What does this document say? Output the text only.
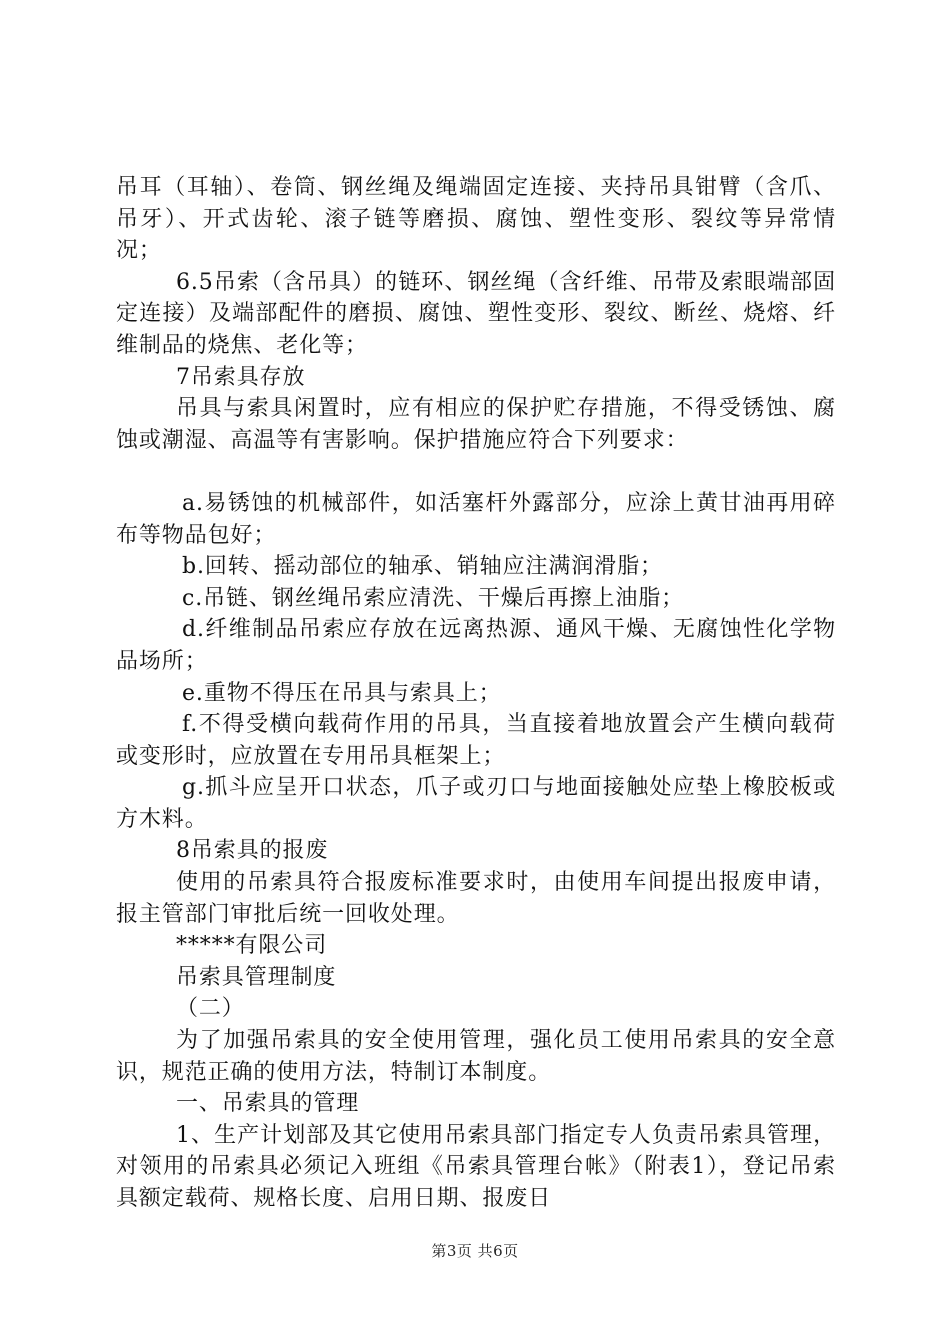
吊耳（耳轴）、卷筒、钢丝绳及绳端固定连接、夹持吊具钳臂（含爪、吊牙）、开式齿轮、滚子链等磨损、腐蚀、塑性变形、裂纹等异常情况；

6.5吊索（含吊具）的链环、钢丝绳（含纤维、吊带及索眼端部固定连接）及端部配件的磨损、腐蚀、塑性变形、裂纹、断丝、烧熔、纤维制品的烧焦、老化等；

7吊索具存放

吊具与索具闲置时，应有相应的保护贮存措施，不得受锈蚀、腐蚀或潮湿、高温等有害影响。保护措施应符合下列要求：

a.易锈蚀的机械部件，如活塞杆外露部分，应涂上黄甘油再用碎布等物品包好；

b.回转、摇动部位的轴承、销轴应注满润滑脂；

c.吊链、钢丝绳吊索应清洗、干燥后再擦上油脂；

d.纤维制品吊索应存放在远离热源、通风干燥、无腐蚀性化学物品场所；

e.重物不得压在吊具与索具上；

f.不得受横向载荷作用的吊具，当直接着地放置会产生横向载荷或变形时，应放置在专用吊具框架上；

g.抓斗应呈开口状态，爪子或刃口与地面接触处应垫上橡胶板或方木料。

8吊索具的报废

使用的吊索具符合报废标准要求时，由使用车间提出报废申请，报主管部门审批后统一回收处理。

*****有限公司

吊索具管理制度

（二）

为了加强吊索具的安全使用管理，强化员工使用吊索具的安全意识，规范正确的使用方法，特制订本制度。

一、吊索具的管理

1、生产计划部及其它使用吊索具部门指定专人负责吊索具管理，对领用的吊索具必须记入班组《吊索具管理台帐》（附表1），登记吊索具额定载荷、规格长度、启用日期、报废日

第3页 共6页
